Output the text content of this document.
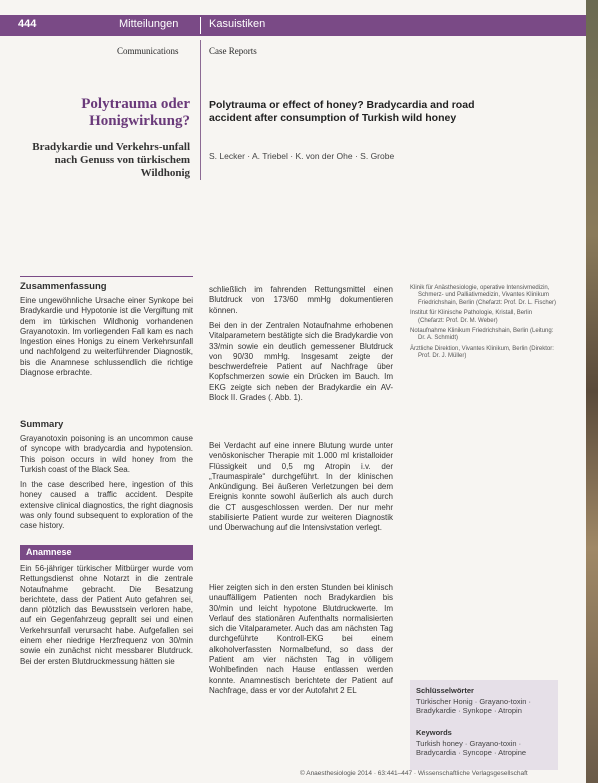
444	Mitteilungen	Kasuistiken
Communications	Case Reports
Polytrauma oder Honigwirkung?
Bradykardie und Verkehrs-unfall nach Genuss von türkischem Wildhonig
Polytrauma or effect of honey? Bradycardia and road accident after consumption of Turkish wild honey
S. Lecker · A. Triebel · K. von der Ohe · S. Grobe
Zusammenfassung
Eine ungewöhnliche Ursache einer Synkope bei Bradykardie und Hypotonie ist die Vergiftung mit dem im türkischen Wildhonig vorhandenen Grayanotoxin. Im vorliegenden Fall kam es nach Ingestion eines Honigs zu einem Verkehrsunfall und nachfolgend zu weiterführender Diagnostik, bis die Anamnese schlussendlich die richtige Diagnose erbrachte.
Summary
Grayanotoxin poisoning is an uncommon cause of syncope with bradycardia and hypotension. This poison occurs in wild honey from the Turkish coast of the Black Sea.
In the case described here, ingestion of this honey caused a traffic accident. Despite extensive clinical diagnostics, the right diagnosis was only found subsequent to exploration of the case history.
Anamnese
Ein 56-jähriger türkischer Mitbürger wurde vom Rettungsdienst ohne Notarzt in die zentrale Notaufnahme gebracht. Die Besatzung berichtete, dass der Patient Auto gefahren sei, dann plötzlich das Bewusstsein verloren habe, auf ein Gegenfahrzeug geprallt sei und einen Verkehrsunfall verursacht habe. Aufgefallen sei einem eher niedrige Herzfrequenz von 30/min sowie ein zunächst nicht messbarer Blutdruck. Bei der ersten Blutdruckmessung hätten sie
schließlich im fahrenden Rettungsmittel einen Blutdruck von 173/60 mmHg dokumentieren können.
Bei den in der Zentralen Notaufnahme erhobenen Vitalparametern bestätigte sich die Bradykardie von 33/min sowie ein deutlich gemessener Blutdruck von 90/30 mmHg. Insgesamt zeigte der beschwerdefreie Patient auf Nachfrage über Kopfschmerzen sowie ein Drücken im Bauch. Im EKG zeigte sich neben der Bradykardie ein AV-Block II. Grades (. Abb. 1).
Bei Verdacht auf eine innere Blutung wurde unter venöskonischer Therapie mit 1.000 ml kristalloider Flüssigkeit und 0,5 mg Atropin i.v. der „Traumaspirale“ durchgeführt. In der klinischen Ankündigung. Bei äußeren Verletzungen bei dem Ereignis konnte sowohl äußerlich als auch durch die CT ausgeschlossen werden. Der nur mehr stabilisierte Patient wurde zur weiteren Diagnostik und Überwachung auf die Intensivstation verlegt.
Hier zeigten sich in den ersten Stunden bei klinisch unauffälligem Patienten noch Bradykardien bis 30/min und leicht hypotone Blutdruckwerte. Im Verlauf des stationären Aufenthalts normalisierten sich die Vitalparameter. Auch das am nächsten Tag durchgeführte Kontroll-EKG bei einem alkoholverfassten Normalbefund, so dass der Patient am vier nächsten Tag in völligem Wohlbefinden nach Hause entlassen werden konnte. Anamnestisch berichtete der Patient auf Nachfrage, dass er vor der Autofahrt 2 EL
Klinik für Anästhesiologie, operative Intensivmedizin, Schmerz- und Palliativmedizin, Vivantes Klinikum Friedrichshain, Berlin (Chefarzt: Prof. Dr. L. Fischer)
Institut für Klinische Pathologie, Kristall, Berlin (Chefarzt: Prof. Dr. M. Weber)
Notaufnahme Klinikum Friedrichshain, Berlin (Leitung: Dr. A. Schmidt)
Ärztliche Direktion, Vivantes Klinikum, Berlin (Direktor: Prof. Dr. J. Müller)
Schlüsselwörter
Türkischer Honig · Grayano-toxin · Bradykardie · Synkope · Atropin
Keywords
Turkish honey · Grayano-toxin · Bradycardia · Syncope · Atropine
© Anaesthesiologie 2014 · 63:441–447 · Wissenschaftliche Verlagsgesellschaft
